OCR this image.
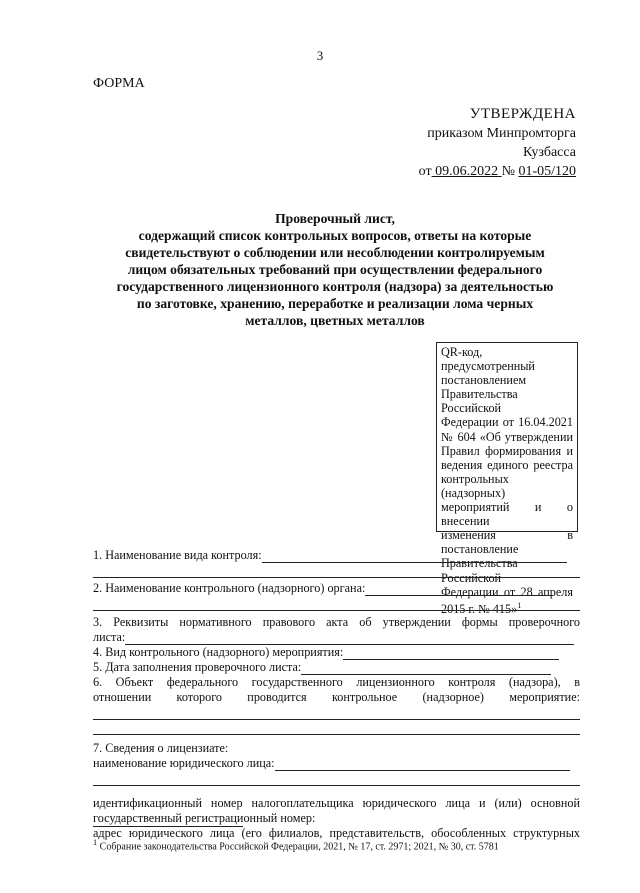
3
ФОРМА
УТВЕРЖДЕНА
приказом Минпромторга
Кузбасса
от 09.06.2022 № 01-05/120
Проверочный лист,
содержащий список контрольных вопросов, ответы на которые
свидетельствуют о соблюдении или несоблюдении контролируемым
лицом обязательных требований при осуществлении федерального
государственного лицензионного контроля (надзора) за деятельностью
по заготовке, хранению, переработке и реализации лома черных
металлов, цветных металлов
QR-код, предусмотренный
постановлением
Правительства Российской
Федерации от 16.04.2021
№ 604 «Об утверждении
Правил формирования и
ведения единого реестра
контрольных (надзорных)
мероприятий и о внесении
изменения в постановление
Правительства Российской
Федерации от 28 апреля
2015 г. № 415»$^1$
1. Наименование вида контроля:
2. Наименование контрольного (надзорного) органа:
3. Реквизиты нормативного правового акта об утверждении формы проверочного
листа:
4. Вид контрольного (надзорного) мероприятия:
5. Дата заполнения проверочного листа:
6. Объект федерального государственного лицензионного контроля (надзора), в
отношении которого проводится контрольное (надзорное) мероприятие:
7. Сведения о лицензиате:
наименование юридического лица:
идентификационный номер налогоплательщика юридического лица и (или) основной
государственный регистрационный номер:
адрес юридического лица (его филиалов, представительств, обособленных структурных
$^1$ Собрание законодательства Российской Федерации, 2021, № 17, ст. 2971; 2021, № 30, ст. 5781
